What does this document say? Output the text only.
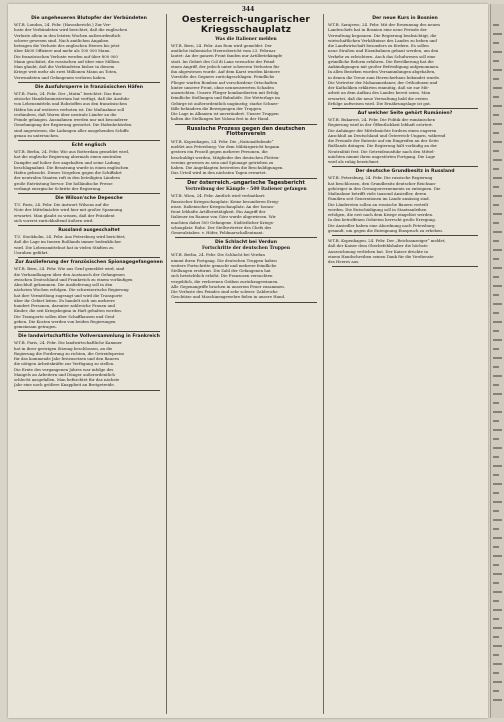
344
Die ungeheueren Blutopfer der Verbündeten
W.T.B. London, 24. Febr. (Havasbericht.) Zur Ver-
luste der Verbündeten wird berichtet, daß die englischen
Verluste allein in den letzten Wochen außerordentlich
schwer gewesen sind. Nach amtlichen Angaben
betragen die Verluste des englischen Heeres bis jetzt
über 4600 Offiziere und mehr als 100 000 Mann.
Die französischen Verluste werden auf über 800 000
Mann geschätzt, die russischen auf über eine Million.
Man glaubt, daß die Verbündeten bisher in diesem
Kriege weit mehr als zwei Millionen Mann an Toten,
Verwundeten und Gefangenen verloren haben.
Die Ausfuhrsperre in französischen Häfen
W.T.B. Paris, 24. Febr. Der „Matin“ berichtet: Das fran-
zösische Handelsministerium hat verfügt, daß die Ausfuhr
von Lebensmitteln und Rohstoffen aus den französischen
Häfen bis auf weiteres verboten ist. Die Maßnahme soll
verhindern, daß Waren über neutrale Länder an die
Feinde gelangen. Ausnahmen werden nur mit besonderer
Genehmigung der Regierung gestattet. Die Hafenbehörden
sind angewiesen, die Ladungen aller ausgehenden Schiffe
genau zu untersuchen.
Echt englisch
W.T.B. Berlin, 24. Febr. Wie aus Rotterdam gemeldet wird,
hat die englische Regierung abermals einen neutralen
Dampfer auf hoher See angehalten und seine Ladung
beschlagnahmt. Die Besatzung wurde in einen englischen
Hafen gebracht. Dieses Vorgehen gegen die Schiffahrt
der neutralen Staaten ruft in den beteiligten Ländern
große Entrüstung hervor. Die holländische Presse
verlangt energische Schritte der Regierung.
Die Wilson'sche Depesche
T.U. Paris, 24. Febr. Die Antwort Wilsons auf die
Note der Mittelmächte wird hier mit großer Spannung
erwartet. Man glaubt zu wissen, daß der Präsident
sich vorerst zurückhaltend äußern wird.
Russland ausgeschaltet
T.U. Stockholm, 24. Febr. Aus Petersburg wird berichtet,
daß die Lage im Innern Rußlands immer bedenklicher
wird. Die Lebensmittelnot hat in vielen Städten zu
Unruhen geführt.
Zur Auslieferung der französischen Spionagegefangenen
W.T.B. Bern, 24. Febr. Wie aus Genf gemeldet wird, sind
die Verhandlungen über den Austausch der Gefangenen
zwischen Deutschland und Frankreich zu einem vorläufigen
Abschluß gekommen. Die Auslieferung soll in den
nächsten Wochen erfolgen. Die schweizerische Regierung
hat ihre Vermittlung zugesagt und wird die Transporte
über ihr Gebiet leiten. Es handelt sich um mehrere
hundert Personen, darunter zahlreiche Frauen und
Kinder, die seit Kriegsbeginn in Haft gehalten werden.
Die Transporte sollen über Schaffhausen und Genf
gehen. Die Kosten werden von beiden Regierungen
gemeinsam getragen.
Die landwirtschaftliche Vollversammlung in Frankreich
W.T.B. Paris, 24. Febr. Die landwirtschaftliche Kammer
hat in ihrer gestrigen Sitzung beschlossen, an die
Regierung die Forderung zu richten, die Getreidepreise
für das kommende Jahr festzusetzen und den Bauern
die nötigen Arbeitskräfte zur Verfügung zu stellen.
Die Ernte des vergangenen Jahres war infolge des
Mangels an Arbeitern und Dünger außerordentlich
schlecht ausgefallen. Man befürchtet für das nächste
Jahr eine noch größere Knappheit an Brotgetreide.
Oesterreich-ungarischer Kriegsschauplatz
Was die Italiener melden
W.T.B. Bern, 24. Febr. Aus Rom wird gemeldet: Der
amtliche italienische Heeresbericht vom 23. Februar
lautet: An der ganzen Front fanden nur Artilleriekämpfe
statt. Im Gebiet des Col di Lana versuchte der Feind
einen Angriff, der jedoch unter schweren Verlusten für
ihn abgewiesen wurde. Auf dem Karst wurden kleinere
Vorstöße des Gegners zurückgeschlagen. Feindliche
Flieger warfen Bomben auf verschiedene Ortschaften
hinter unserer Front, ohne nennenswerten Schaden
anzurichten. Unsere Flieger bombardierten mit Erfolg
feindliche Stellungen und Bahnhöfe. Die Wetterlage im
Gebirge ist außerordentlich ungünstig; starke Schnee-
fälle behindern die Bewegungen der Truppen.
Die Lage in Albanien ist unverändert. Unsere Truppen
halten die Stellungen bei Valona fest in der Hand.
Russische Prozess gegen den deutschen Flottenverein
W.T.B. Kopenhagen, 24. Febr. Die „Nationaltidende“
meldet aus Petersburg: Vor dem Militärgericht begann
gestern ein Prozeß gegen mehrere Personen, die
beschuldigt werden, Mitglieder des deutschen Flotten-
vereins gewesen zu sein und Spionage getrieben zu
haben. Die Angeklagten bestreiten die Beschuldigungen.
Das Urteil wird in den nächsten Tagen erwartet.
Der österreich.-ungarische Tagesbericht
Vertreibung der Kämpfe – 500 Italiener gefangen
W.T.B. Wien, 24. Febr. Amtlich wird verlautbart:
Russischer Kriegsschauplatz: Keine besonderen Ereig-
nisse. Italienischer Kriegsschauplatz: An der Isonzo-
front lebhafte Artillerietätigkeit. Ein Angriff der
Italiener im Raume von Görz wurde abgewiesen. Wir
machten dabei 500 Gefangene. Südöstlicher Kriegs-
schauplatz: Ruhe. Der Stellvertreter des Chefs des
Generalstabes: v. Höfer, Feldmarschalleutnant.
Die Schlacht bei Verdun
Fortschritte der deutschen Truppen
W.T.B. Berlin, 24. Febr. Die Schlacht bei Verdun
nimmt ihren Fortgang. Die deutschen Truppen haben
weitere Fortschritte gemacht und mehrere feindliche
Stellungen erstürmt. Die Zahl der Gefangenen hat
sich beträchtlich erhöht. Die Franzosen versuchten
vergeblich, die verlorenen Gräben zurückzugewinnen.
Alle Gegenangriffe brachen in unserem Feuer zusammen.
Die Verluste des Feindes sind sehr schwer. Zahlreiche
Geschütze und Maschinengewehre fielen in unsere Hand.
Der neue Kurs in Bosnien
W.T.B. Sarajewo, 24. Febr. Mit der Ernennung des neuen
Landeschefs hat in Bosnien eine neue Periode der
Verwaltung begonnen. Die Regierung beabsichtigt, die
wirtschaftlichen Verhältnisse des Landes zu heben und
die Landwirtschaft besonders zu fördern. Es sollen
neue Straßen und Eisenbahnen gebaut werden, um den
Verkehr zu erleichtern. Auch das Schulwesen soll eine
gründliche Reform erfahren. Die Bevölkerung hat die
Ankündigungen mit großer Befriedigung aufgenommen.
In allen Bezirken wurden Versammlungen abgehalten,
in denen die Treue zum Herrscherhaus bekundet wurde.
Die Vertreter der Mohammedaner, der Orthodoxen und
der Katholiken erklärten einmütig, daß sie zur Mit-
arbeit an dem Aufbau des Landes bereit seien. Man
erwartet, daß die neue Verwaltung bald die ersten
Erfolge aufweisen wird. Die Ernährungslage ist gut.
Auf welcher Seite gehört Rumänien?
W.T.B. Bukarest, 24. Febr. Die Politik der rumänischen
Regierung wird in der Öffentlichkeit lebhaft erörtert.
Die Anhänger der Mittelmächte fordern einen engeren
Anschluß an Deutschland und Österreich-Ungarn, während
die Freunde der Entente auf ein Eingreifen an der Seite
Rußlands drängen. Die Regierung hält vorläufig an der
Neutralität fest. Die Getreideausfuhr nach den Mittel-
mächten nimmt ihren ungestörten Fortgang. Die Lage
wird als ruhig bezeichnet.
Der deutsche Grundbesitz in Russland
W.T.B. Petersburg, 24. Febr. Die russische Regierung
hat beschlossen, den Grundbesitz deutscher Reichsan-
gehöriger in den Grenzgouvernements zu enteignen. Die
Maßnahme betrifft viele tausend Ansiedler, deren
Familien seit Generationen im Lande ansässig sind.
Die Ländereien sollen an russische Bauern verteilt
werden. Die Entschädigung soll in Staatsanleihen
erfolgen, die erst nach dem Kriege eingelöst werden.
In den betroffenen Gebieten herrscht große Erregung.
Die Ansiedler haben eine Abordnung nach Petersburg
gesandt, um gegen die Enteignung Einspruch zu erheben.
W.T.B. Kopenhagen, 24. Febr. Der „Reichsanzeiger“ meldet,
daß der Kaiser dem Oberbefehlshaber die höchste
Auszeichnung verliehen hat. Der Kaiser drückte in
einem Handschreiben seinen Dank für die Verdienste
des Heeres aus.
